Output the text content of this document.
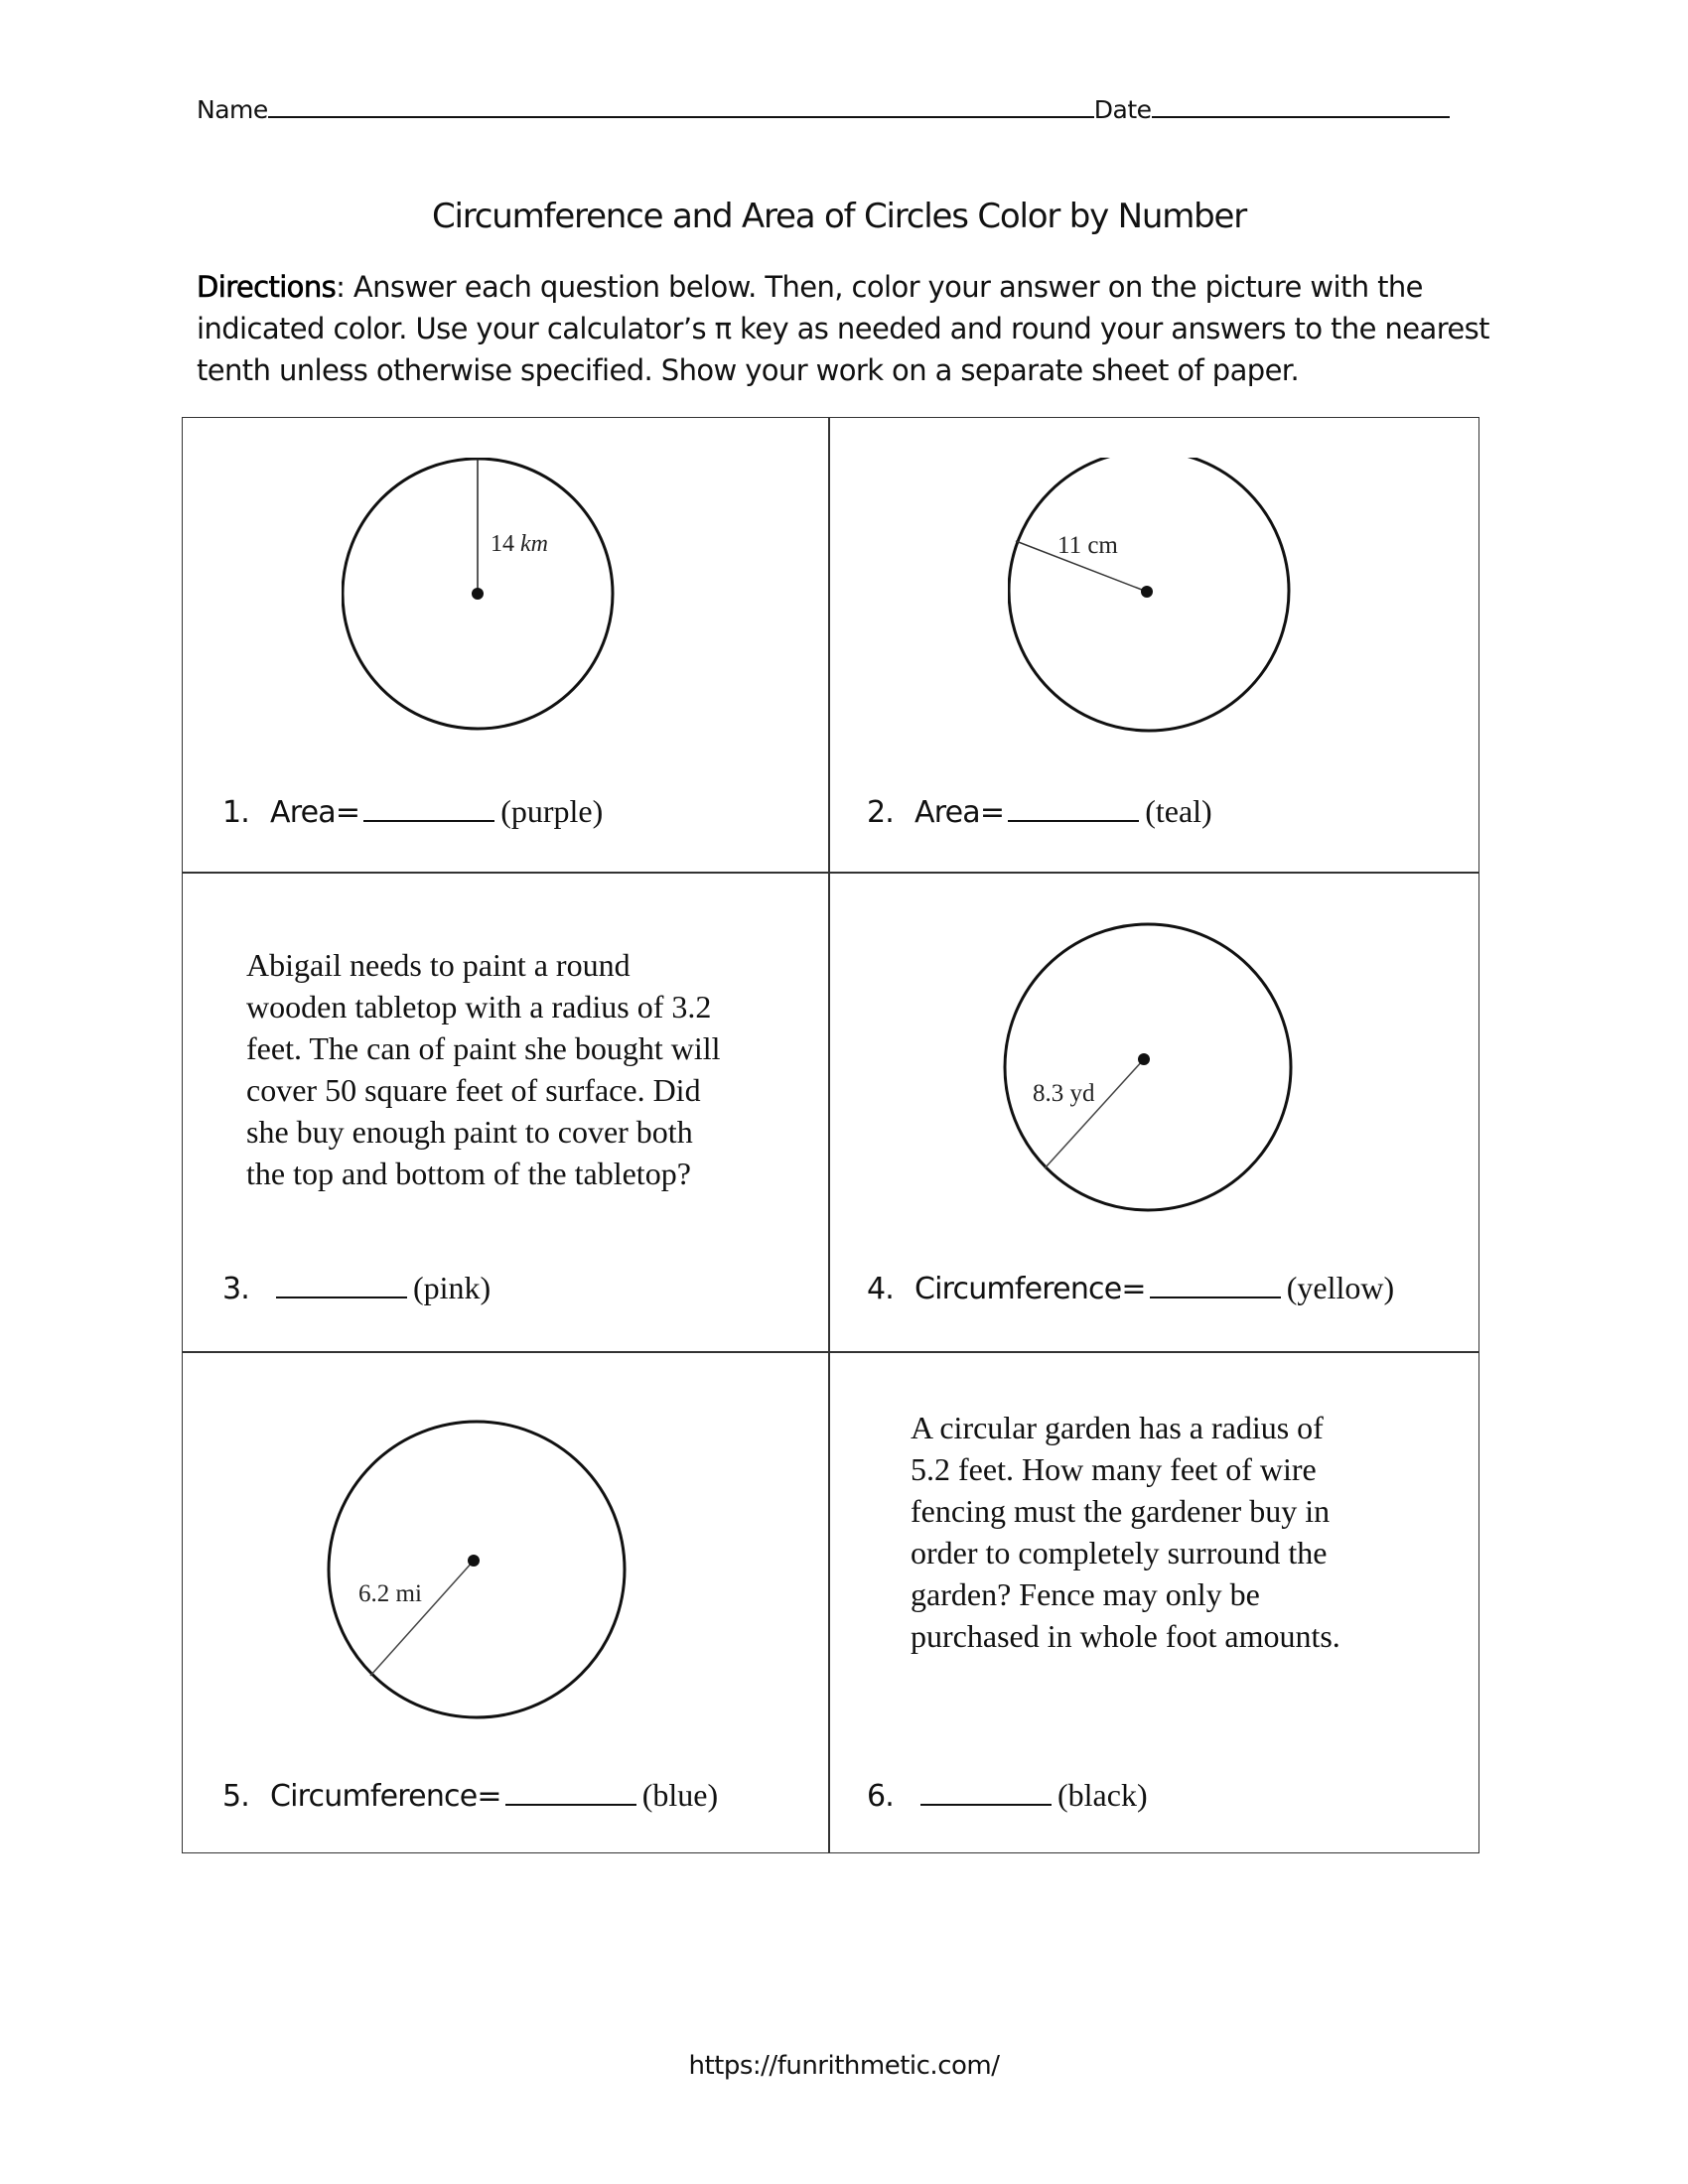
Name	Date
Circumference and Area of Circles Color by Number
Directions: Answer each question below. Then, color your answer on the picture with the indicated color. Use your calculator’s π key as needed and round your answers to the nearest tenth unless otherwise specified. Show your work on a separate sheet of paper.
14 km
1. Area=	(purple)
11 cm
2. Area=	(teal)
Abigail needs to paint a round
wooden tabletop with a radius of 3.2
feet. The can of paint she bought will
cover 50 square feet of surface. Did
she buy enough paint to cover both
the top and bottom of the tabletop?
3.	(pink)
8.3 yd
4. Circumference=	(yellow)
6.2 mi
5. Circumference=	(blue)
A circular garden has a radius of
5.2 feet. How many feet of wire
fencing must the gardener buy in
order to completely surround the
garden? Fence may only be
purchased in whole foot amounts.
6.	(black)
https://funrithmetic.com/
